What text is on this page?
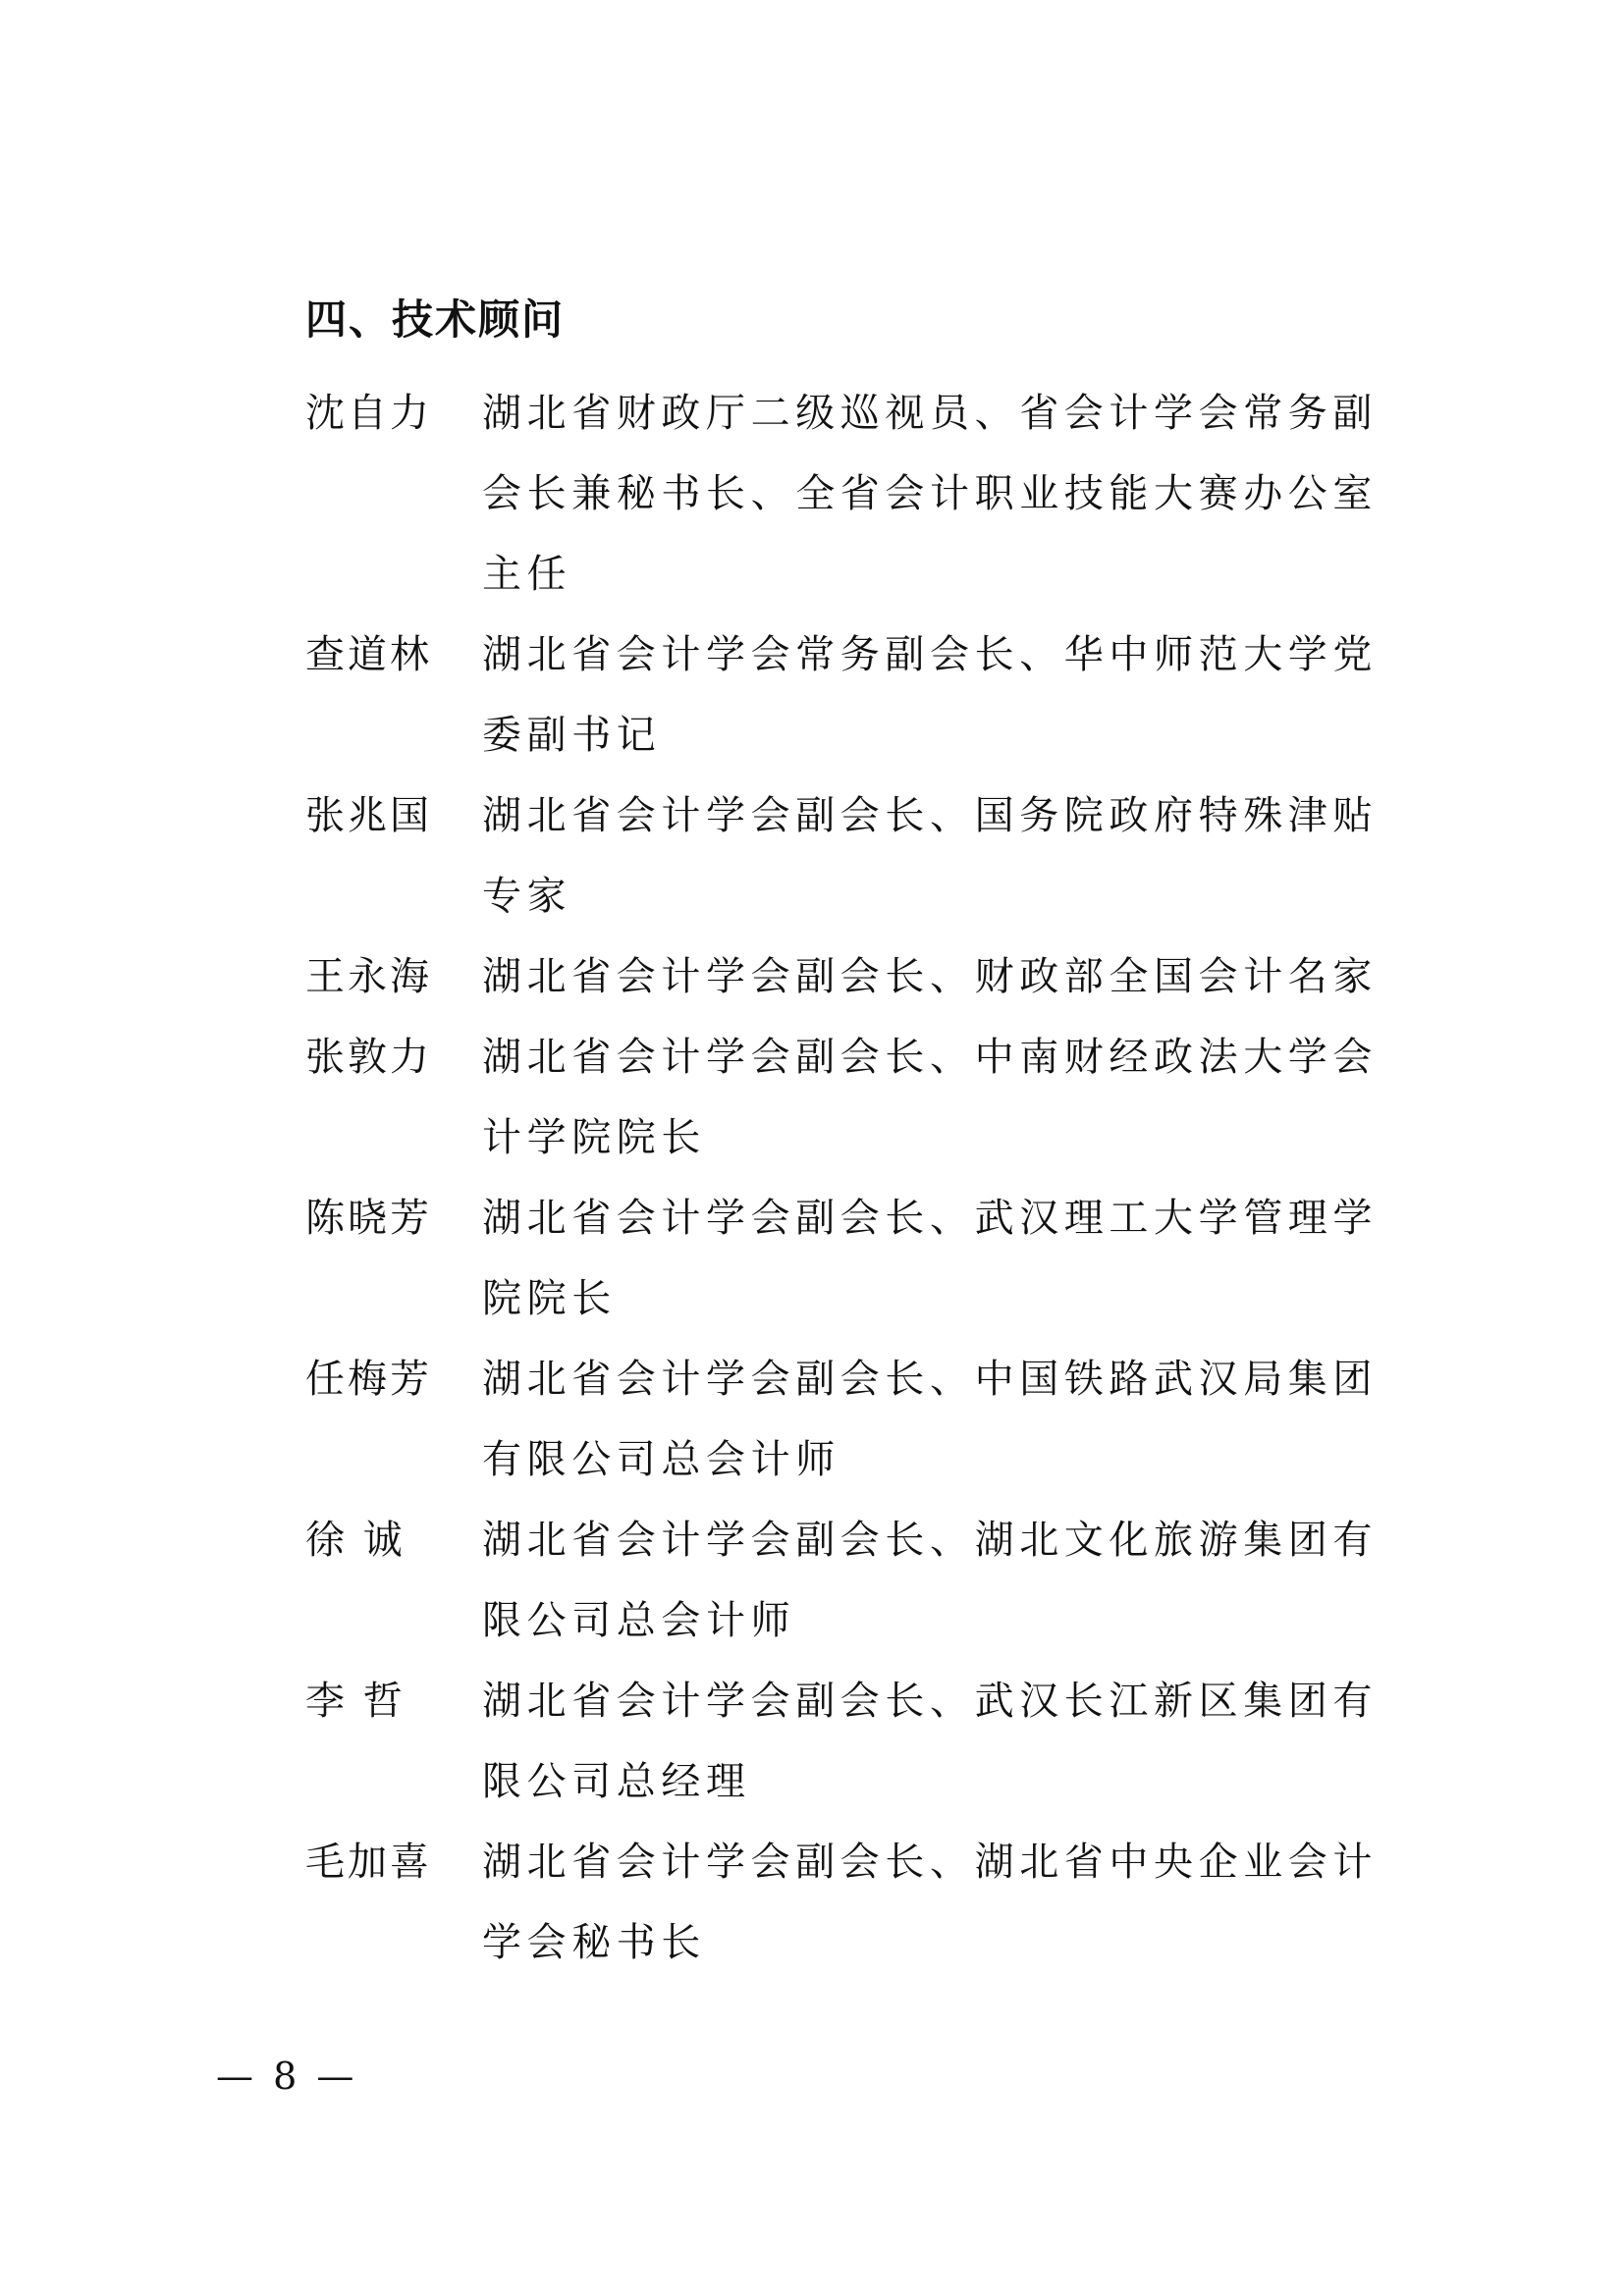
四、技术顾问
沈自力	湖北省财政厅二级巡视员、省会计学会常务副会长兼秘书长、全省会计职业技能大赛办公室主任
查道林	湖北省会计学会常务副会长、华中师范大学党委副书记
张兆国	湖北省会计学会副会长、国务院政府特殊津贴专家
王永海	湖北省会计学会副会长、财政部全国会计名家
张敦力	湖北省会计学会副会长、中南财经政法大学会计学院院长
陈晓芳	湖北省会计学会副会长、武汉理工大学管理学院院长
任梅芳	湖北省会计学会副会长、中国铁路武汉局集团有限公司总会计师
徐 诚	湖北省会计学会副会长、湖北文化旅游集团有限公司总会计师
李 哲	湖北省会计学会副会长、武汉长江新区集团有限公司总经理
毛加喜	湖北省会计学会副会长、湖北省中央企业会计学会秘书长
— 8 —
